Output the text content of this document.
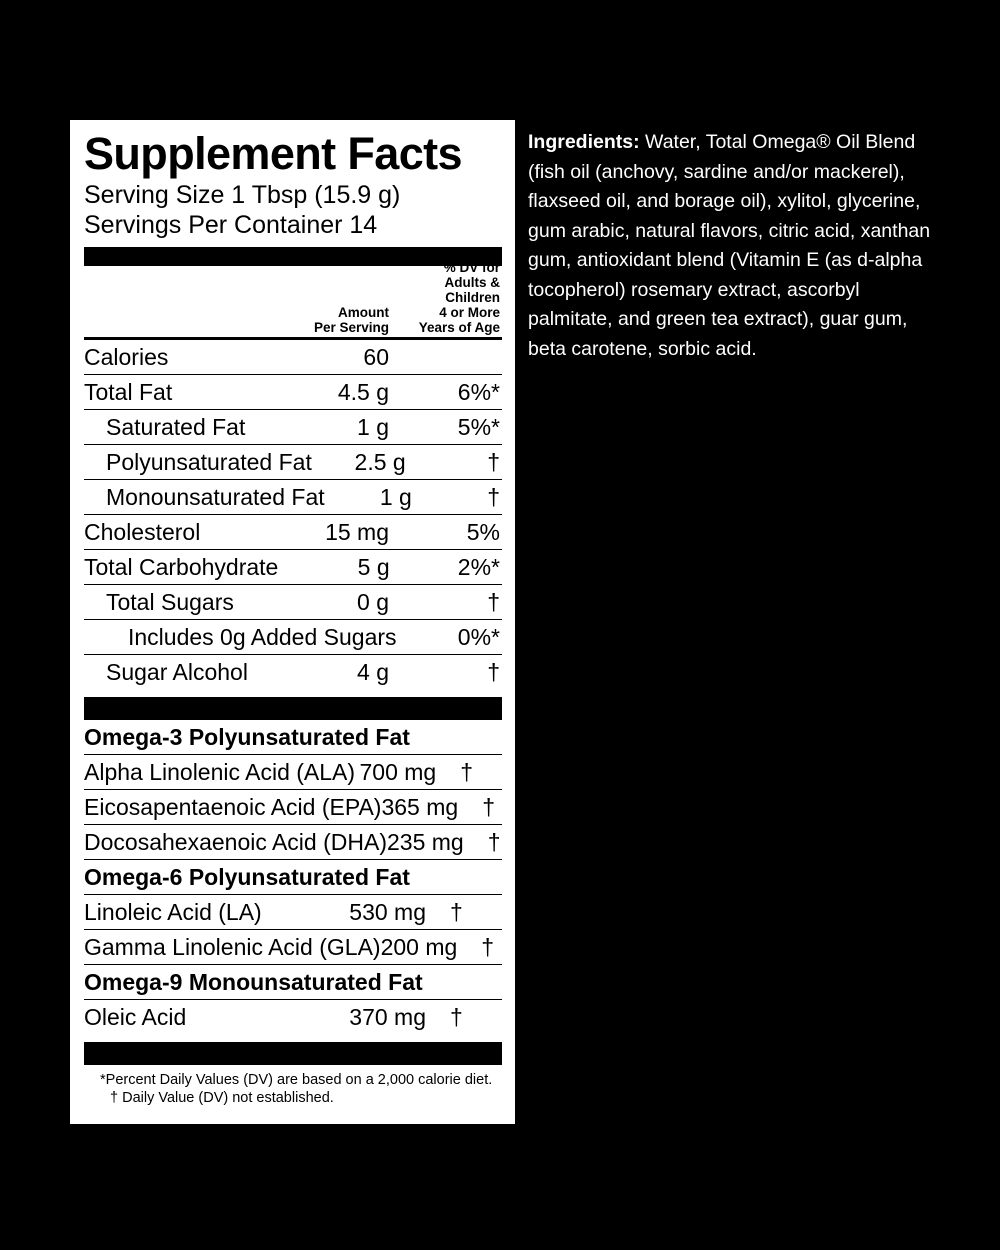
Supplement Facts
Serving Size 1 Tbsp (15.9 g)
Servings Per Container 14
Amount
Per Serving
% DV for
Adults & Children
4 or More
Years of Age
Calories	60
Total Fat	4.5 g	6%*
Saturated Fat	1 g	5%*
Polyunsaturated Fat	2.5 g	†
Monounsaturated Fat	1 g	†
Cholesterol	15 mg	5%
Total Carbohydrate	5 g	2%*
Total Sugars	0 g	†
Includes 0g Added Sugars	0%*
Sugar Alcohol	4 g	†
Omega-3 Polyunsaturated Fat
Alpha Linolenic Acid (ALA) 700 mg	†
Eicosapentaenoic Acid (EPA) 365 mg	†
Docosahexaenoic Acid (DHA) 235 mg	†
Omega-6 Polyunsaturated Fat
Linoleic Acid (LA)	530 mg	†
Gamma Linolenic Acid (GLA) 200 mg	†
Omega-9 Monounsaturated Fat
Oleic Acid	370 mg	†
*Percent Daily Values (DV) are based on a 2,000 calorie diet.
† Daily Value (DV) not established.
Ingredients: Water, Total Omega® Oil Blend (fish oil (anchovy, sardine and/or mackerel), flaxseed oil, and borage oil), xylitol, glycerine, gum arabic, natural flavors, citric acid, xanthan gum, antioxidant blend (Vitamin E (as d-alpha tocopherol) rosemary extract, ascorbyl palmitate, and green tea extract), guar gum, beta carotene, sorbic acid.
